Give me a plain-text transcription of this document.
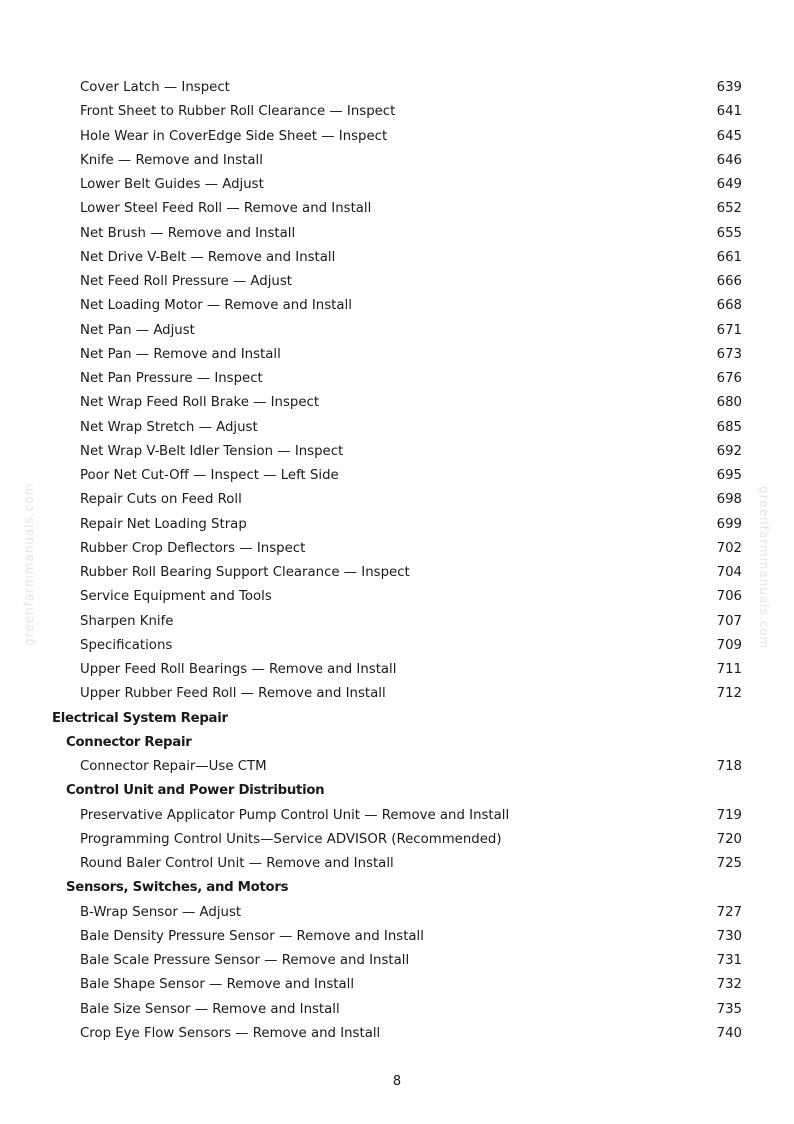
Cover Latch — Inspect	639
Front Sheet to Rubber Roll Clearance — Inspect	641
Hole Wear in CoverEdge Side Sheet — Inspect	645
Knife — Remove and Install	646
Lower Belt Guides — Adjust	649
Lower Steel Feed Roll — Remove and Install	652
Net Brush — Remove and Install	655
Net Drive V-Belt — Remove and Install	661
Net Feed Roll Pressure — Adjust	666
Net Loading Motor — Remove and Install	668
Net Pan — Adjust	671
Net Pan — Remove and Install	673
Net Pan Pressure — Inspect	676
Net Wrap Feed Roll Brake — Inspect	680
Net Wrap Stretch — Adjust	685
Net Wrap V-Belt Idler Tension — Inspect	692
Poor Net Cut-Off — Inspect — Left Side	695
Repair Cuts on Feed Roll	698
Repair Net Loading Strap	699
Rubber Crop Deflectors — Inspect	702
Rubber Roll Bearing Support Clearance — Inspect	704
Service Equipment and Tools	706
Sharpen Knife	707
Specifications	709
Upper Feed Roll Bearings — Remove and Install	711
Upper Rubber Feed Roll — Remove and Install	712
Electrical System Repair
Connector Repair
Connector Repair—Use CTM	718
Control Unit and Power Distribution
Preservative Applicator Pump Control Unit — Remove and Install	719
Programming Control Units—Service ADVISOR (Recommended)	720
Round Baler Control Unit — Remove and Install	725
Sensors, Switches, and Motors
B-Wrap Sensor — Adjust	727
Bale Density Pressure Sensor — Remove and Install	730
Bale Scale Pressure Sensor — Remove and Install	731
Bale Shape Sensor — Remove and Install	732
Bale Size Sensor — Remove and Install	735
Crop Eye Flow Sensors — Remove and Install	740
greenfarmmanuals.com	greenfarmmanuals.com
8
